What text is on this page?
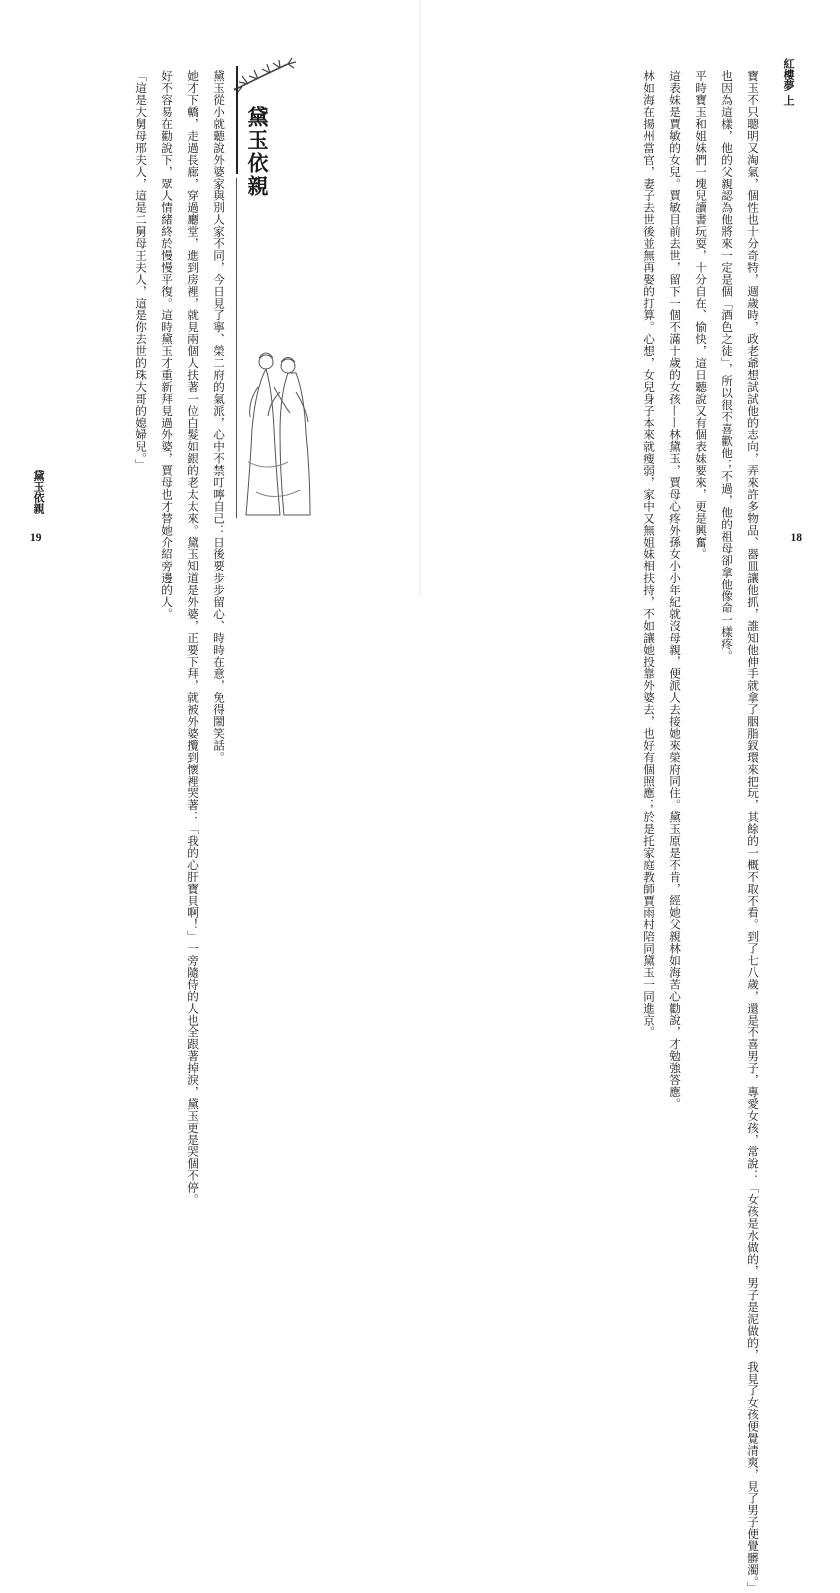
紅樓夢 上

寶玉不只聰明又淘氣，個性也十分奇特，週歲時，政老爺想試試他的志向，弄來許多物品、器皿讓他抓，誰知他伸手就拿了胭脂釵環來把玩，其餘的一概不取不看。到了七八歲，還是不喜男子，專愛女孩，常說：「女孩是水做的，男子是泥做的，我見了女孩便覺清爽，見了男子便覺髒濁。」

也因為這樣，他的父親認為他將來一定是個「酒色之徒」，所以很不喜歡他；不過，他的祖母卻拿他像命一樣疼。

平時寶玉和姐妹們一塊兒讀書玩耍，十分自在、愉快，這日聽說又有個表妹要來，更是興奮。

這表妹是賈敏的女兒。賈敏目前去世，留下一個不滿十歲的女孩——林黛玉，賈母心疼外孫女小小年紀就沒母親，便派人去接她來榮府同住。黛玉原是不肯，經她父親林如海苦心勸說，才勉強答應。

林如海在揚州當官，妻子去世後並無再娶的打算。心想，女兒身子本來就瘦弱，家中又無姐妹相扶持，不如讓她投靠外婆去，也好有個照應；於是托家庭教師賈雨村陪同黛玉一同進京。	18
黛玉依親

黛玉從小就聽說外婆家與別人家不同，今日見了寧、榮二府的氣派，心中不禁叮嚀自己：日後要步步留心、時時在意，免得鬧笑話。

她才下轎，走過長廊，穿過廳堂，進到房裡，就見兩個人扶著一位白髮如銀的老太太來。黛玉知道是外婆，正要下拜，就被外婆攬到懷裡哭著：「我的心肝寶貝啊！」一旁隨侍的人也全跟著掉淚，黛玉更是哭個不停。

好不容易在勸說下，眾人情緒終於慢慢平復。這時黛玉才重新拜見過外婆，賈母也才替她介紹旁邊的人。

「這是大舅母邢夫人，這是二舅母王夫人，這是你去世的珠大哥的媳婦兒。」

黛玉依親
19
